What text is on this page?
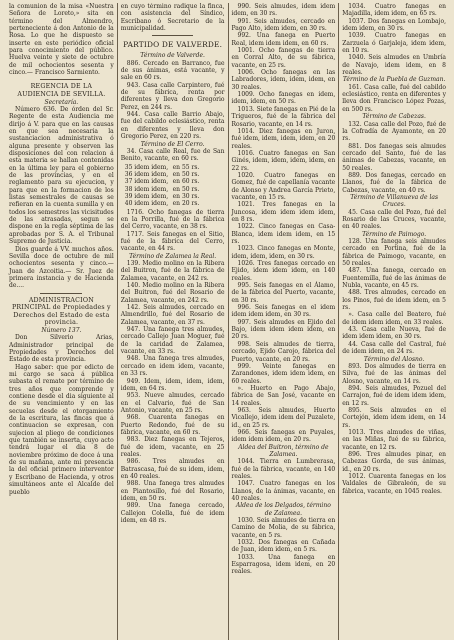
la comunion de la misa «Nuestra Señora de Loreto,» sita en término del Almendro, perteneciente á don Antonio de la Rosa. Lo que he dispuesto se inserte en este periódico oficial para conocimiento del público. Huelva veinte y siete de octubre de mil ochocientos sesenta y cinco.— Francisco Sarmiento.

REGENCIA DE LA AUDIENCIA DE SEVILLA.

Secretaría.

Número 636. De órden del Sr. Regente de esta Audiencia me dirijo á V. para que en las causas en que sea necesaria la sustanciacion administrativa ó alguna presente y observen las disposiciones del con relacion á esta materia se hallan contenidas en la última ley para el gobierno de las provincias, y en el reglamento para su ejecucion, y para que en la formacion de los listas semestrales de causas se refieran en la cuenta sumilla y en todos los semestres las vicisitudes de las atrasadas, segun se dispone en la regla séptima de las aprobadas por S. A. el Tribunal Supremo de Justicia.

Dios guarde á VV. muchos años. Sevilla doce de octubre de mil ochocientos sesenta y cinco.—Juan de Azcoitia.— Sr. Juez de primera instancia y de Hacienda de....

ADMINISTRACION PRINCIPAL de Propiedades y Derechos del Estado de esta provincia.

Número 137.

Don Silverio Arias, Administrador principal de Propiedades y Derechos del Estado de esta provincia.

Hago saber: que por edicto de mi cargo se saca á pública subasta el remate por término de tres años que comprende y contiene desde el dia siguiente al de su vencimiento y en las secuelas desde el otorgamiento de la escritura, las fincas que á continuacion se expresan, con sujecion al pliego de condiciones que también se inserta, cuyo acto tendrá lugar el dia 8 de noviembre próximo de doce á una de su mañana, ante mi presencia la del oficial primero interventor y Escribano de Hacienda, y otros simultáneos ante el Alcalde del pueblo

en cuyo término radique la finca, con asistencia del Síndico, Escribano ó Secretario de la municipalidad.

PARTIDO DE VALVERDE.

Término de Valverde.

886. Cercado en Barranco, fue de sus ánimas, está vacante, y sale en 60 rs.

943. Casa calle Carpintero, fué de su fábrica, renta por diferentes y lleva don Gregorio Perez, en 244 rs.

944. Casa calle Barrio Abajo, fue del cabildo eclesiástico, renta en diferentes y lleva don Gregorio Perez, en 220 rs.

Término de El Cerro.

34. Casa calle Real, fue de San Benito, vacante, en 60 rs.

35 idem idem, en 55 rs.
36 idem idem, en 50 rs.
37 idem idem, en 60 rs.
38 idem idem, en 50 rs.
39 idem idem, en 30 rs.
40 idem idem, en 20 rs.

1716. Ocho fanegas de tierra en la Porrilla, fué de la fábrica del Cerro, vacante, en 38 rs.

1717. Seis fanegas en el Sitio, fué de la fábrica del Cerro, vacante, en 44 rs.

Término de Zalamea la Real.

139. Medio molino en la Ribera del Buitron, fué de la fábrica de Zalamea, vacante, en 242 rs.

140. Medio molino en la Ribera del Buitron, fué del Rosario de Zalamea, vacante, en 242 rs.

142. Seis almudes, cercado en Almendrillo, fué del Rosario de Zalamea, vacante, en 37 rs.

947. Una fanega tres almudes, cercado Callejo Juan Moguer, fué de la caridad de Zalamea, vacante, en 33 rs.

948. Una fanega tres almudes, cercado en idem idem, vacante, en 33 rs.

949. Idem, idem, idem, idem, idem, en 64 rs.

953. Nueve almudes, cercado en el Calvario, fué de San Antonio, vacante, en 25 rs.

968. Cuarenta fanegas en Puerto Redondo, fué de su fábrica, vacante, en 60 rs.

983. Diez fanegas en Tejeros, fué de idem, vacante, en 25 reales.

986. Tres almudes en Batrascasa, fué de su idem, idem, en 40 reales.

988. Una fanega tres almudes en Piantosillo, fué del Rosario, idem, en 50 rs.

989. Una fanega cercado, Callejon Colella, fué de idem idem, en 48 rs.

990. Seis almudes, idem idem idem, en 30 rs.

991. Seis almudes, cercado en Pago Alto, idem idem, en 30 rs.

992. Una fanega en Puerto Real, idem idem idem, en 60 rs.

1001. Ocho fanegas de tierra en Corral Alto, de su fábrica, vacante, en 25 rs.

1006. Ocho fanegas en las Labradores, idem, idem, idem, en 30 reales.

1009. Ocho fanegas en idem, idem, idem, en 50 rs.

1013. Siete fanegas en Pié de la Trigueros, fué de la fábrica del Rosario, vacante, en 14 rs.

1014. Diez fanegas en Juron, fué idem, idem, idem, idem, en 20 reales.

1016. Cuatro fanegas en San Ginés, idem, idem, idem, idem, en 22 rs.

1020. Cuatro fanegas en Gomez, fué de capellanía vacante de Alonso y Andrea García Prieto, vacante, en 15 rs.

1021. Tres fanegas en la Juncosa, idem idem idem idem, en 8 rs.

1022. Cinco fanegas en Casa-Blanca, idem idem idem, en 15 rs.

1023. Cinco fanegas en Monte, idem, idem, idem, en 30 rs.

1026. Tres fanegas cercado en Ejido, idem idem idem, en 140 reales.

995. Seis fanegas en el Álamo, de la fábrica del Puerto, vacante, en 30 rs.

996. Seis fanegas en el idem idem idem idem, en 30 rs.

997. Seis almudes en Ejido del Bajo, idem idem idem idem, en 20 rs.

998. Seis almudes de tierra, cercado, Ejido Carojo, fábrica del Puerto, vacante, en 20 rs.

999. Veinte fanegas en Zarandones, idem idem idem, en 60 reales.

». Huerto en Pago Abajo, fábrica de San José, vacante en 14 reales.

963. Seis almudes, Huerto Vicallejo, idem idem del Puzalete, id., en 25 rs.

966. Seis fanegas en Puyales, idem idem idem, en 20 rs.

Aldea del Buitron, término de Zalamea.

1044. Tierra en Lumbrerasa, fué de la fábrica, vacante, en 140 reales.

1047. Cuatro fanegas en los Llanos, de la ánimas, vacante, en 40 reales.

Aldea de los Delgados, término de Zalamea.

1030. Seis almudes de tierra en Camino de Molia, de su fábrica, vacante, en 5 rs.

1032. Dos fanegas en Cañada de Juan, idem idem, en 5 rs.

1033. Una fanega en Esparragosa, idem idem, en 20 reales.

1034. Cuatro fanegas en Majadilla, idem idem, en 65 rs.

1037. Dos fanegas en Lombajo, idem idem, en 30 rs.

1039. Cuatro fanegas en Zarzuela ó Garjaleja, idem idem, en 10 rs.

1040. Seis almudes en Umbría de Navajo, idem idem, en 8 reales.

Término de la Puebla de Guzman.

161. Casa calle, fué del cabildo eclesiástico, renta en diferentes y lleva don Francisco López Pozas, en 500 rs.

Término de Cabezas.

132. Casa calle del Pozo, fué de la Cofradía de Ayamonte, en 20 rs.

881. Dos fanegas seis almudes cercado del Santo, fué de las ánimas de Cabezas, vacante, en 50 reales.

889. Dos fanegas, cercado en Llanos, fué de la fábrica de Cabezas, vacante, en 40 rs.

Término de Villanueva de las Cruces.

45. Casa calle del Pozo, fué del Rosario de las Cruces, vacante, en 40 reales.

Término de Paimogo.

128. Una fanega seis almudes cercado en Portina, fué de la fábrica de Paimogo, vacante, en 50 reales.

487. Una fanega, cercado en Fuentemilla, fué de las ánimas de Nubla, vacante, en 45 rs.

488. Tres almudes, cercado en los Pinos, fué de idem idem, en 5 rs.

». Casa calle del Beatero, fué de idem idem idem, en 33 reales.

43. Casa calle Nueva, fué de idem idem idem, en 30 rs.

44. Casa calle del Castral, fué de idem idem, en 24 rs.

Término del Alosno.

893. Dos almudes de tierra en Silva, fué de las ánimas del Alosno, vacante, en 14 rs.

894. Seis almudes, Pozuel del Carrajon, fué de idem idem idem, en 12 rs.

895. Seis almudes en el Cortejón, idem idem idem, en 14 rs.

1013. Tres almudes de viñas, en las Miñas, fué de su fábrica, vacante, en 12 rs.

896. Tres almudes pinar, en Cabezas Gorda, de sus ánimas, id., en 20 rs.

1012. Cuarenta fanegas en los Valdales de Gibraleón, de su fábrica, vacante, en 1045 reales.
